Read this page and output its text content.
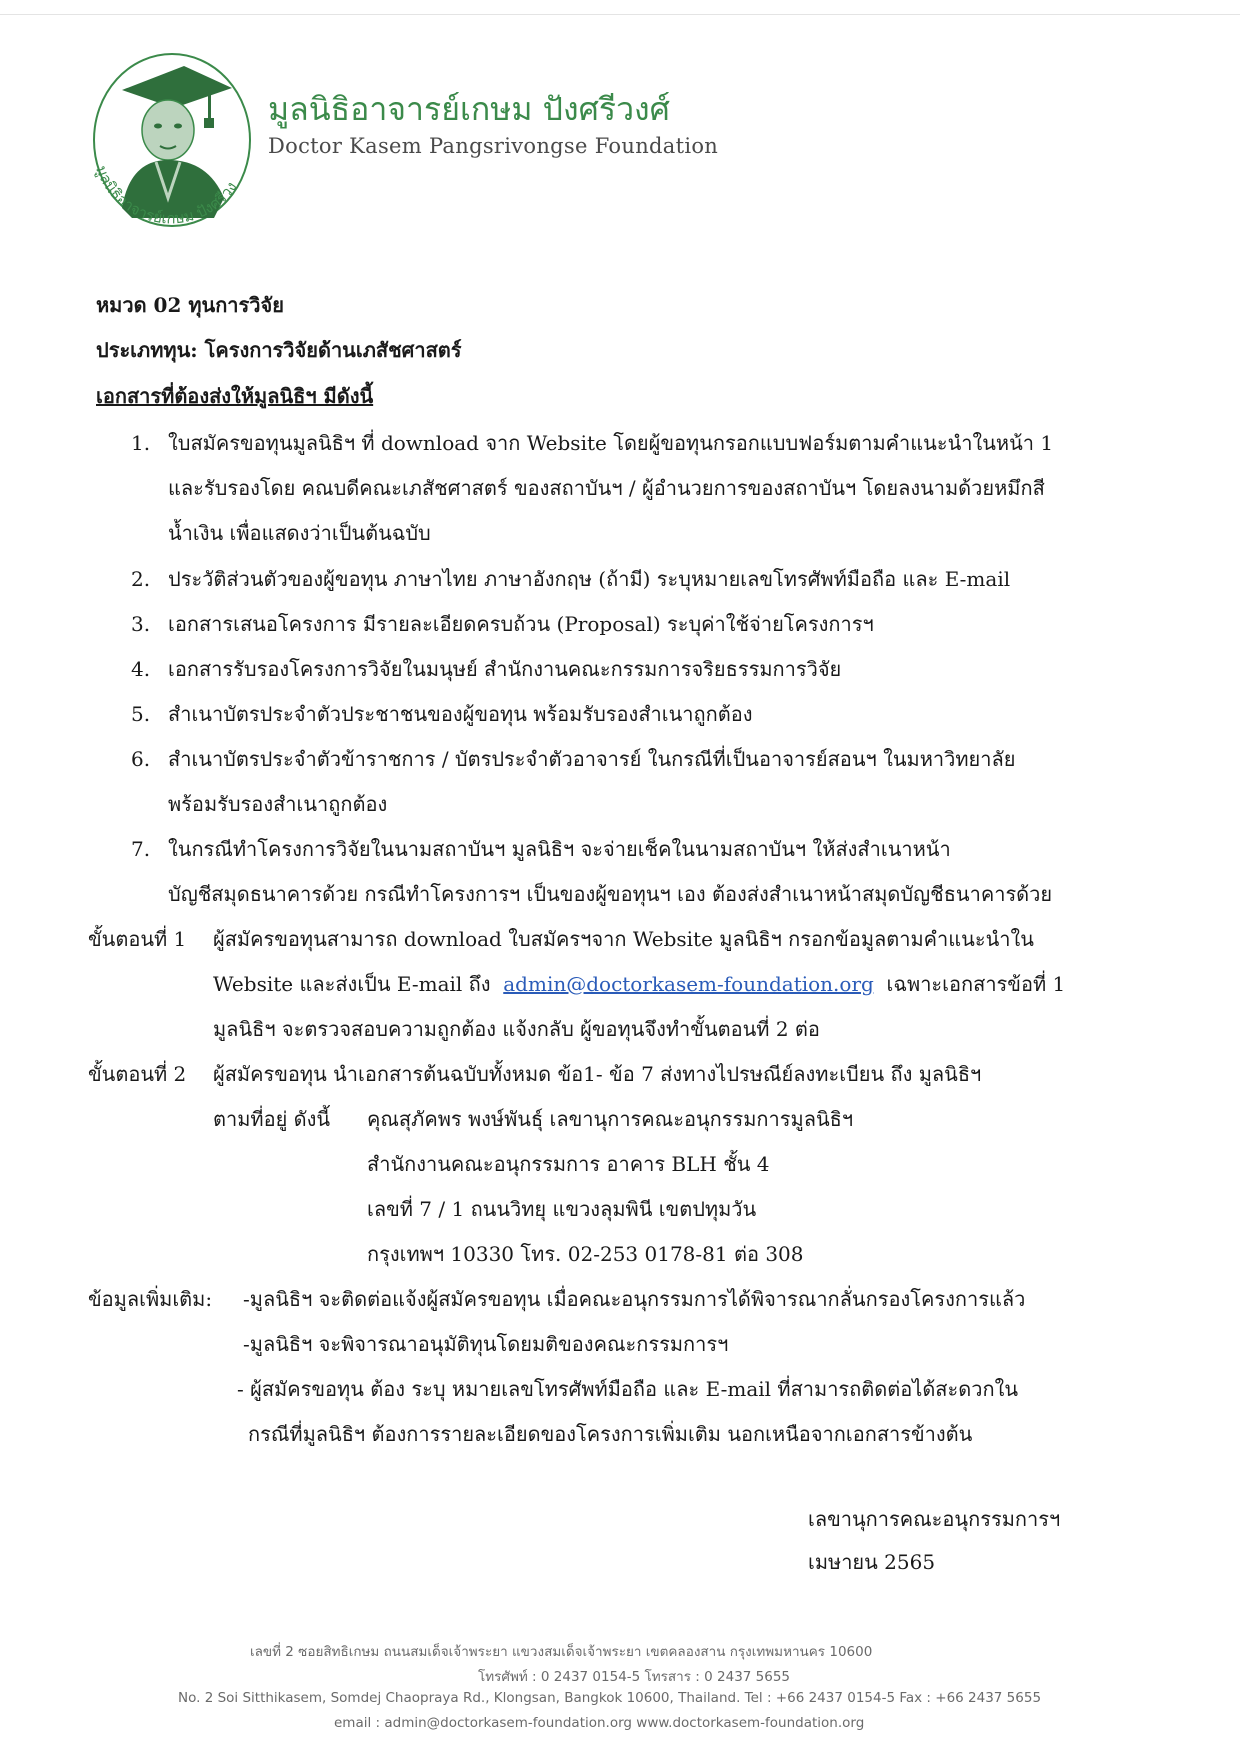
มูลนิธิอาจารย์เกษม ปังศรีวง
มูลนิธิอาจารย์เกษม ปังศรีวงศ์
Doctor Kasem Pangsrivongse Foundation
หมวด 02 ทุนการวิจัย
ประเภททุน: โครงการวิจัยด้านเภสัชศาสตร์
เอกสารที่ต้องส่งให้มูลนิธิฯ มีดังนี้
1. ใบสมัครขอทุนมูลนิธิฯ ที่ download จาก Website โดยผู้ขอทุนกรอกแบบฟอร์มตามคำแนะนำในหน้า 1
และรับรองโดย คณบดีคณะเภสัชศาสตร์ ของสถาบันฯ / ผู้อำนวยการของสถาบันฯ โดยลงนามด้วยหมึกสี
น้ำเงิน เพื่อแสดงว่าเป็นต้นฉบับ
2. ประวัติส่วนตัวของผู้ขอทุน ภาษาไทย ภาษาอังกฤษ (ถ้ามี) ระบุหมายเลขโทรศัพท์มือถือ และ E-mail
3. เอกสารเสนอโครงการ มีรายละเอียดครบถ้วน (Proposal) ระบุค่าใช้จ่ายโครงการฯ
4. เอกสารรับรองโครงการวิจัยในมนุษย์ สำนักงานคณะกรรมการจริยธรรมการวิจัย
5. สำเนาบัตรประจำตัวประชาชนของผู้ขอทุน พร้อมรับรองสำเนาถูกต้อง
6. สำเนาบัตรประจำตัวข้าราชการ / บัตรประจำตัวอาจารย์ ในกรณีที่เป็นอาจารย์สอนฯ ในมหาวิทยาลัย
พร้อมรับรองสำเนาถูกต้อง
7. ในกรณีทำโครงการวิจัยในนามสถาบันฯ มูลนิธิฯ จะจ่ายเช็คในนามสถาบันฯ ให้ส่งสำเนาหน้า
บัญชีสมุดธนาคารด้วย กรณีทำโครงการฯ เป็นของผู้ขอทุนฯ เอง ต้องส่งสำเนาหน้าสมุดบัญชีธนาคารด้วย
ขั้นตอนที่ 1 ผู้สมัครขอทุนสามารถ download ใบสมัครฯจาก Website มูลนิธิฯ กรอกข้อมูลตามคำแนะนำใน
Website และส่งเป็น E-mail ถึง admin@doctorkasem-foundation.org เฉพาะเอกสารข้อที่ 1
มูลนิธิฯ จะตรวจสอบความถูกต้อง แจ้งกลับ ผู้ขอทุนจึงทำขั้นตอนที่ 2 ต่อ
ขั้นตอนที่ 2 ผู้สมัครขอทุน นำเอกสารต้นฉบับทั้งหมด ข้อ1- ข้อ 7 ส่งทางไปรษณีย์ลงทะเบียน ถึง มูลนิธิฯ
ตามที่อยู่ ดังนี้ คุณสุภัคพร พงษ์พันธุ์ เลขานุการคณะอนุกรรมการมูลนิธิฯ
สำนักงานคณะอนุกรรมการ อาคาร BLH ชั้น 4
เลขที่ 7 / 1 ถนนวิทยุ แขวงลุมพินี เขตปทุมวัน
กรุงเทพฯ 10330 โทร. 02-253 0178-81 ต่อ 308
ข้อมูลเพิ่มเติม: -มูลนิธิฯ จะติดต่อแจ้งผู้สมัครขอทุน เมื่อคณะอนุกรรมการได้พิจารณากลั่นกรองโครงการแล้ว
-มูลนิธิฯ จะพิจารณาอนุมัติทุนโดยมติของคณะกรรมการฯ
- ผู้สมัครขอทุน ต้อง ระบุ หมายเลขโทรศัพท์มือถือ และ E-mail ที่สามารถติดต่อได้สะดวกใน
กรณีที่มูลนิธิฯ ต้องการรายละเอียดของโครงการเพิ่มเติม นอกเหนือจากเอกสารข้างต้น
เลขานุการคณะอนุกรรมการฯ
เมษายน 2565
เลขที่ 2 ซอยสิทธิเกษม ถนนสมเด็จเจ้าพระยา แขวงสมเด็จเจ้าพระยา เขตคลองสาน กรุงเทพมหานคร 10600
โทรศัพท์ : 0 2437 0154-5 โทรสาร : 0 2437 5655
No. 2 Soi Sitthikasem, Somdej Chaopraya Rd., Klongsan, Bangkok 10600, Thailand. Tel : +66 2437 0154-5 Fax : +66 2437 5655
email : admin@doctorkasem-foundation.org www.doctorkasem-foundation.org
